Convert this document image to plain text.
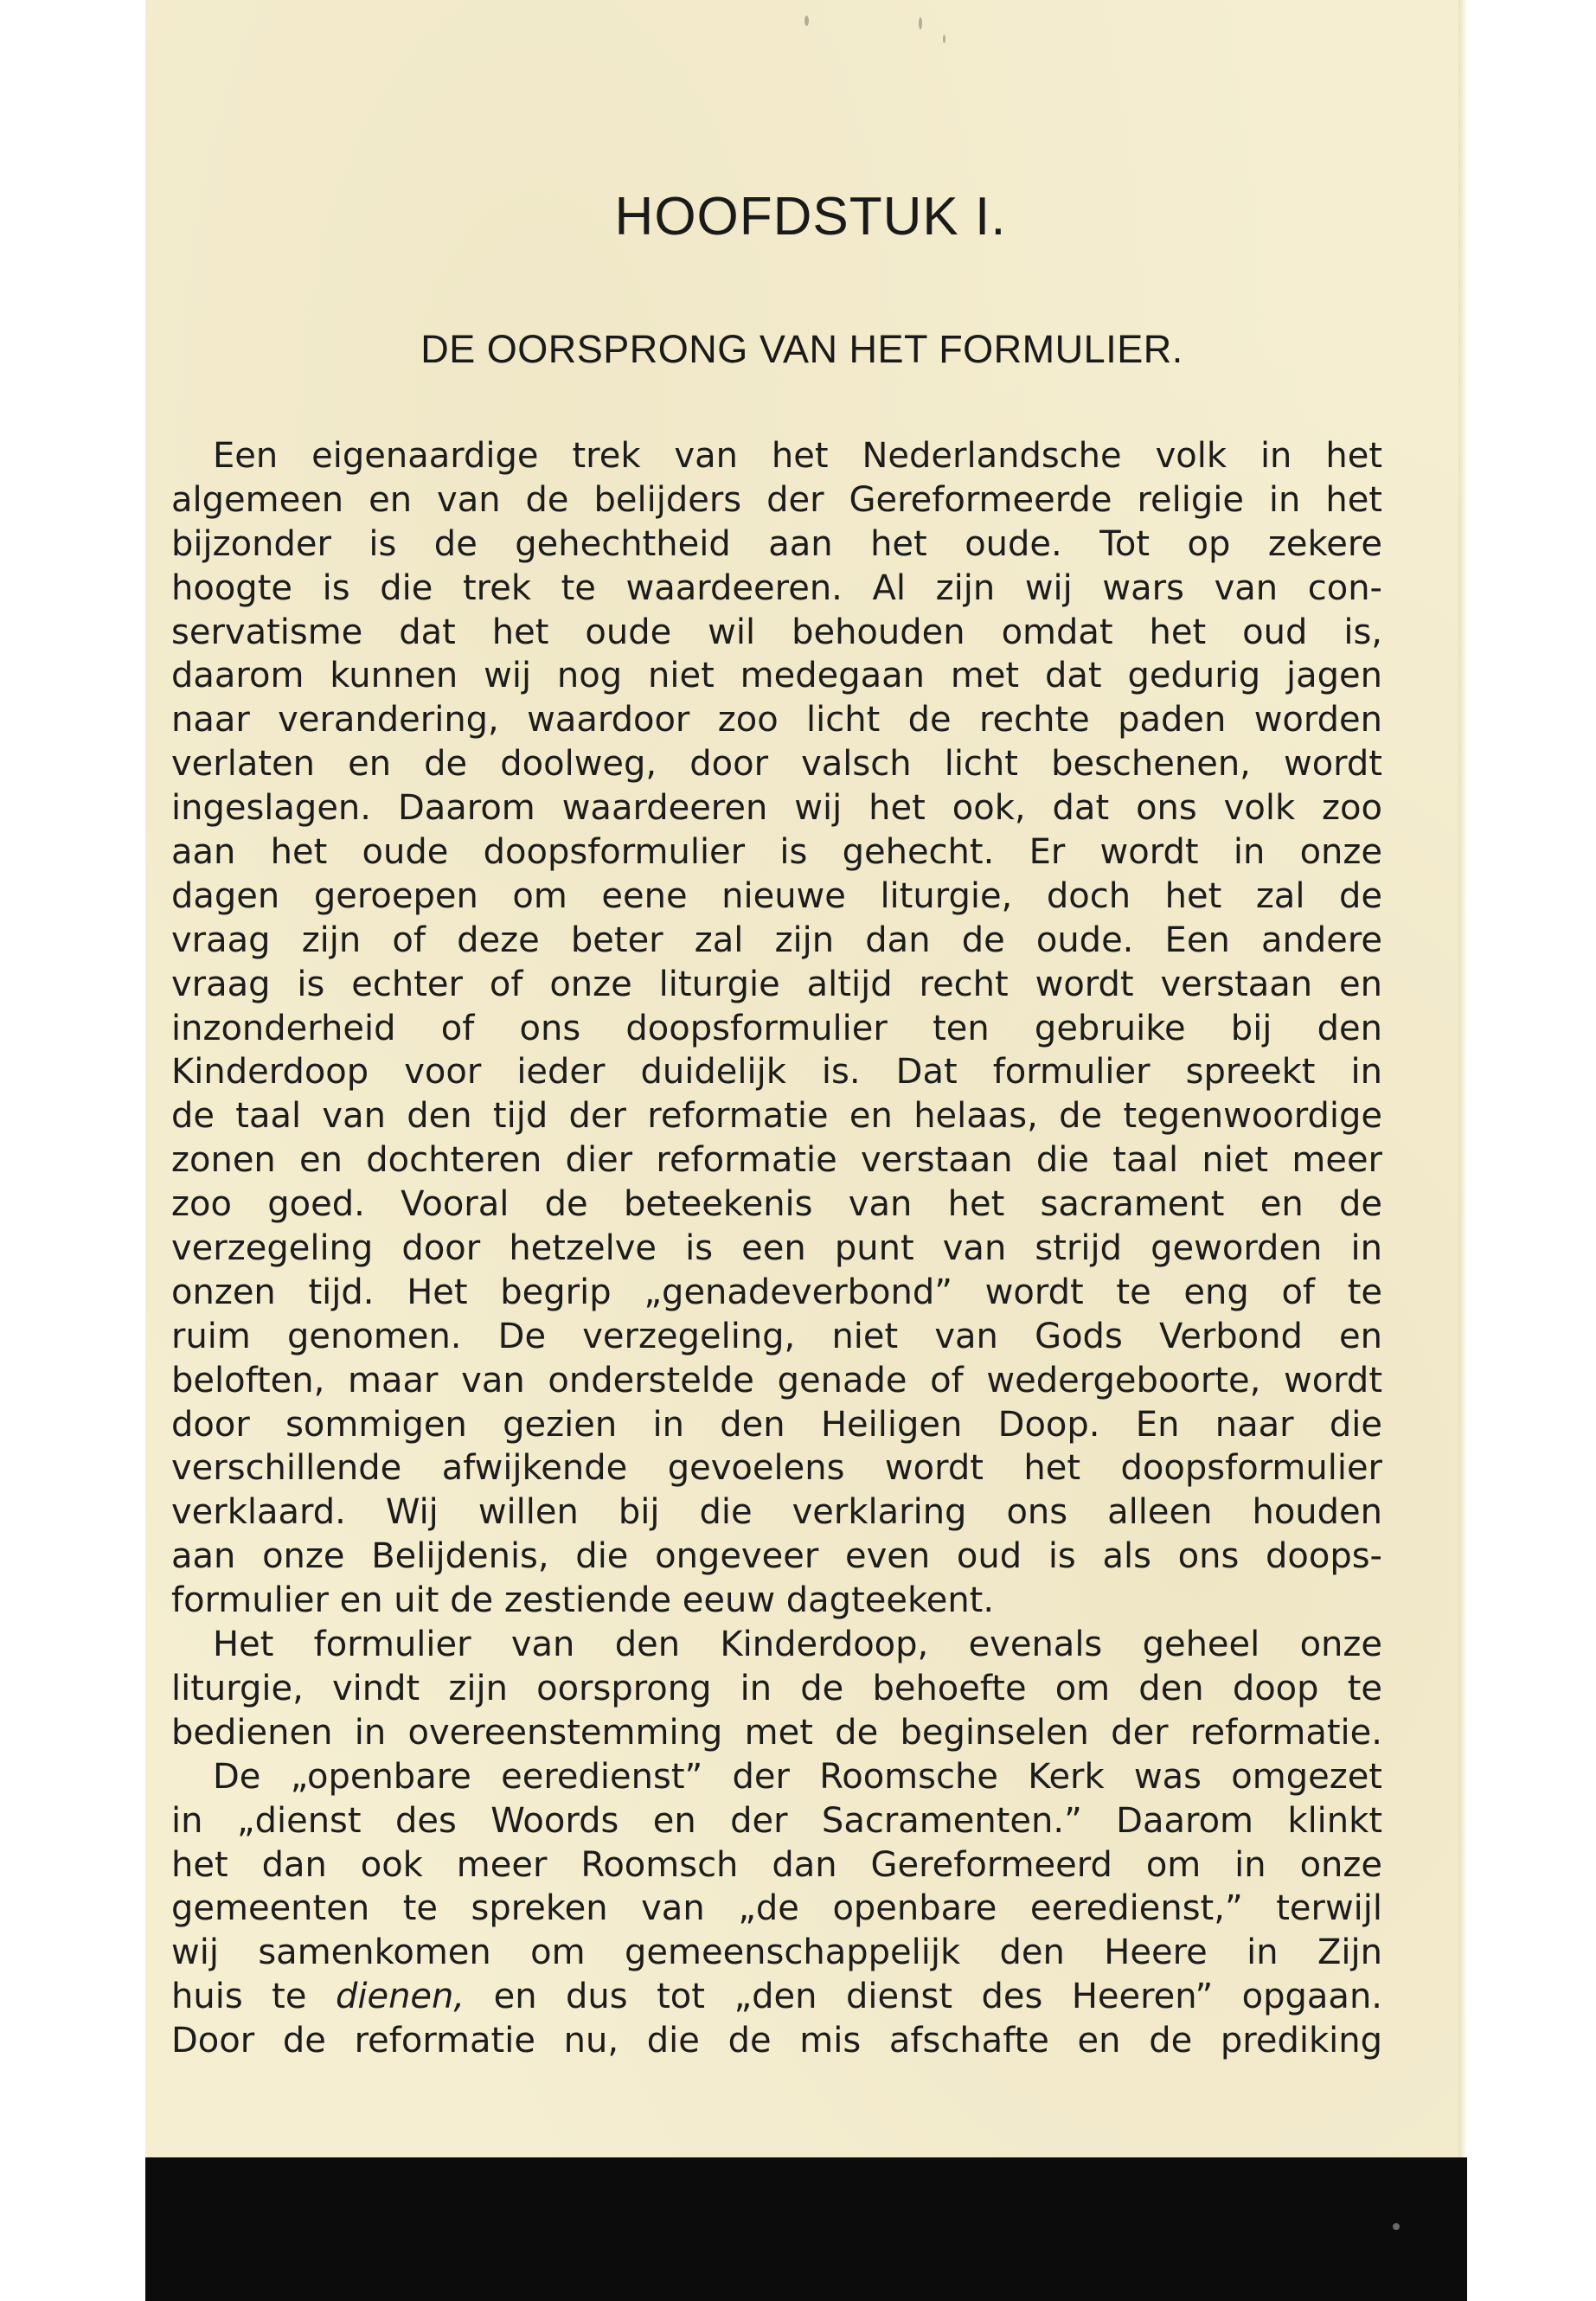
HOOFDSTUK I.
DE OORSPRONG VAN HET FORMULIER.
Een eigenaardige trek van het Nederlandsche volk in het
algemeen en van de belijders der Gereformeerde religie in het
bijzonder is de gehechtheid aan het oude. Tot op zekere
hoogte is die trek te waardeeren. Al zijn wij wars van con-
servatisme dat het oude wil behouden omdat het oud is,
daarom kunnen wij nog niet medegaan met dat gedurig jagen
naar verandering, waardoor zoo licht de rechte paden worden
verlaten en de doolweg, door valsch licht beschenen, wordt
ingeslagen. Daarom waardeeren wij het ook, dat ons volk zoo
aan het oude doopsformulier is gehecht. Er wordt in onze
dagen geroepen om eene nieuwe liturgie, doch het zal de
vraag zijn of deze beter zal zijn dan de oude. Een andere
vraag is echter of onze liturgie altijd recht wordt verstaan en
inzonderheid of ons doopsformulier ten gebruike bij den
Kinderdoop voor ieder duidelijk is. Dat formulier spreekt in
de taal van den tijd der reformatie en helaas, de tegenwoordige
zonen en dochteren dier reformatie verstaan die taal niet meer
zoo goed. Vooral de beteekenis van het sacrament en de
verzegeling door hetzelve is een punt van strijd geworden in
onzen tijd. Het begrip „genadeverbond” wordt te eng of te
ruim genomen. De verzegeling, niet van Gods Verbond en
beloften, maar van onderstelde genade of wedergeboorte, wordt
door sommigen gezien in den Heiligen Doop. En naar die
verschillende afwijkende gevoelens wordt het doopsformulier
verklaard. Wij willen bij die verklaring ons alleen houden
aan onze Belijdenis, die ongeveer even oud is als ons doops-
formulier en uit de zestiende eeuw dagteekent.
Het formulier van den Kinderdoop, evenals geheel onze
liturgie, vindt zijn oorsprong in de behoefte om den doop te
bedienen in overeenstemming met de beginselen der reformatie.
De „openbare eeredienst” der Roomsche Kerk was omgezet
in „dienst des Woords en der Sacramenten.” Daarom klinkt
het dan ook meer Roomsch dan Gereformeerd om in onze
gemeenten te spreken van „de openbare eeredienst,” terwijl
wij samenkomen om gemeenschappelijk den Heere in Zijn
huis te dienen, en dus tot „den dienst des Heeren” opgaan.
Door de reformatie nu, die de mis afschafte en de prediking
